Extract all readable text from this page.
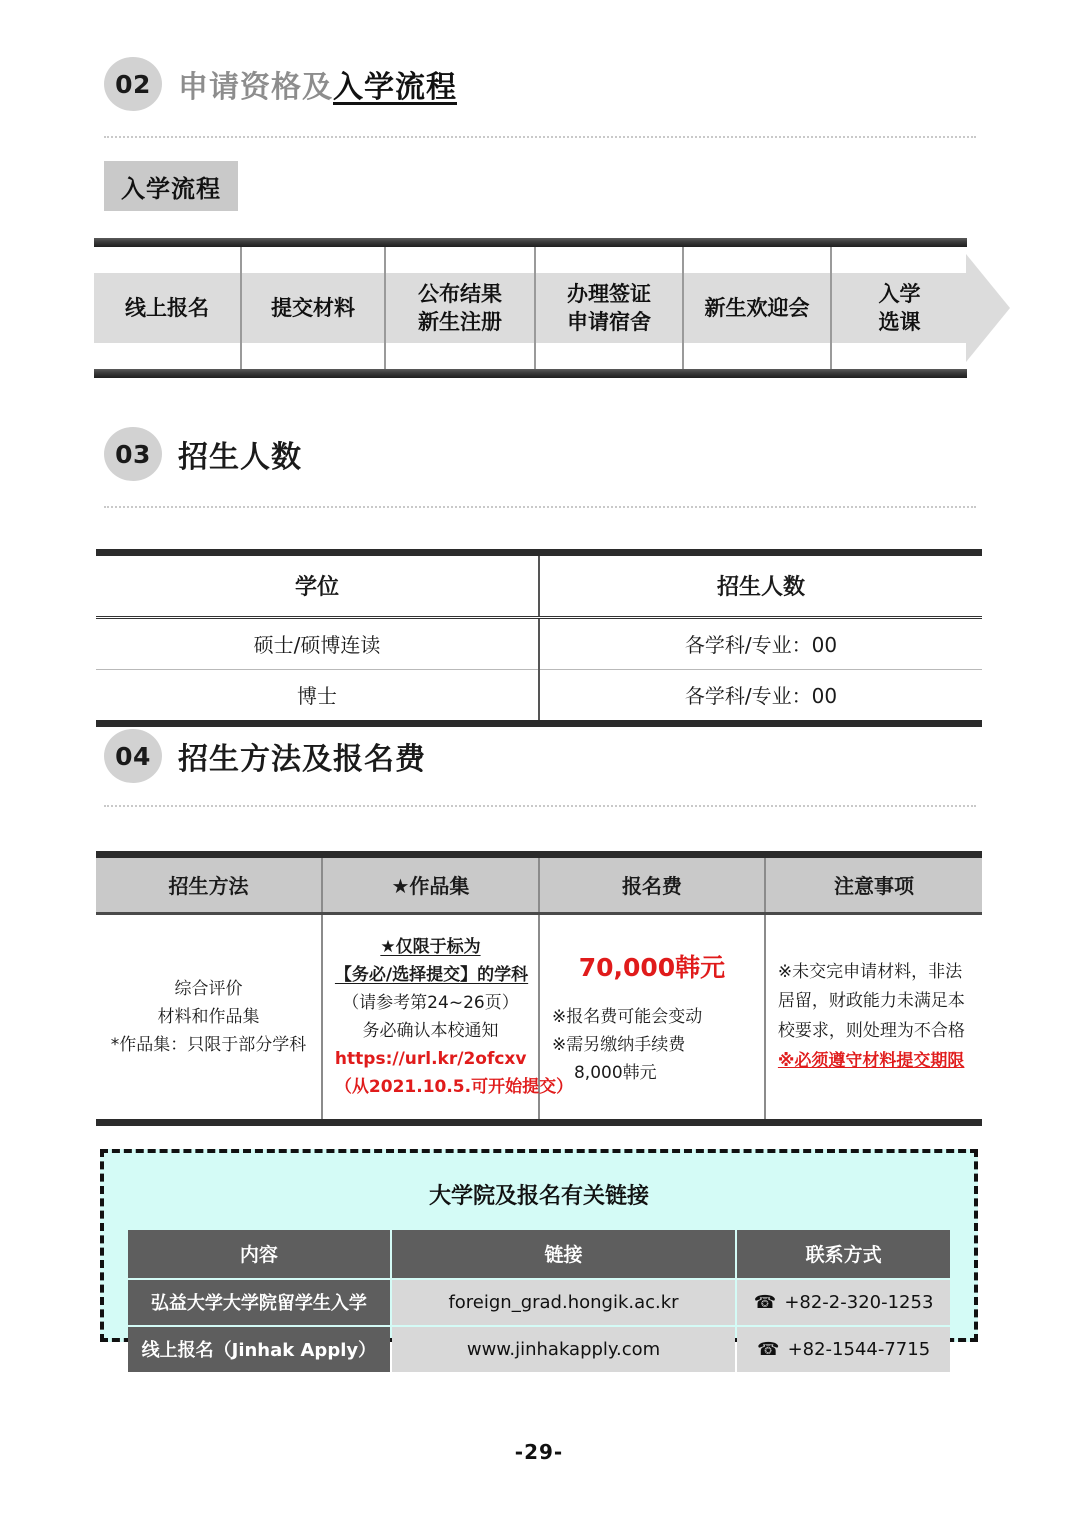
02 申请资格及入学流程
入学流程
线上报名	提交材料
公布结果
新生注册
办理签证
申请宿舍
新生欢迎会
入学
选课
03 招生人数
学位	招生人数
硕士/硕博连读	各学科/专业：00
博士	各学科/专业：00
04 招生方法及报名费
招生方法	★作品集	报名费	注意事项

综合评价
材料和作品集
*作品集：只限于部分学科

★仅限于标为
【务必/选择提交】的学科
（请参考第24~26页）
务必确认本校通知
https://url.kr/2ofcxv
（从2021.10.5.可开始提交）

70,000韩元
※报名费可能会变动
※需另缴纳手续费
8,000韩元

※未交完申请材料，非法居留，财政能力未满足本校要求，则处理为不合格
※必须遵守材料提交期限
大学院及报名有关链接
内容	链接	联系方式
弘益大学大学院留学生入学	foreign_grad.hongik.ac.kr	☎ +82-2-320-1253
线上报名（Jinhak Apply）	www.jinhakapply.com	☎ +82-1544-7715
-29-
